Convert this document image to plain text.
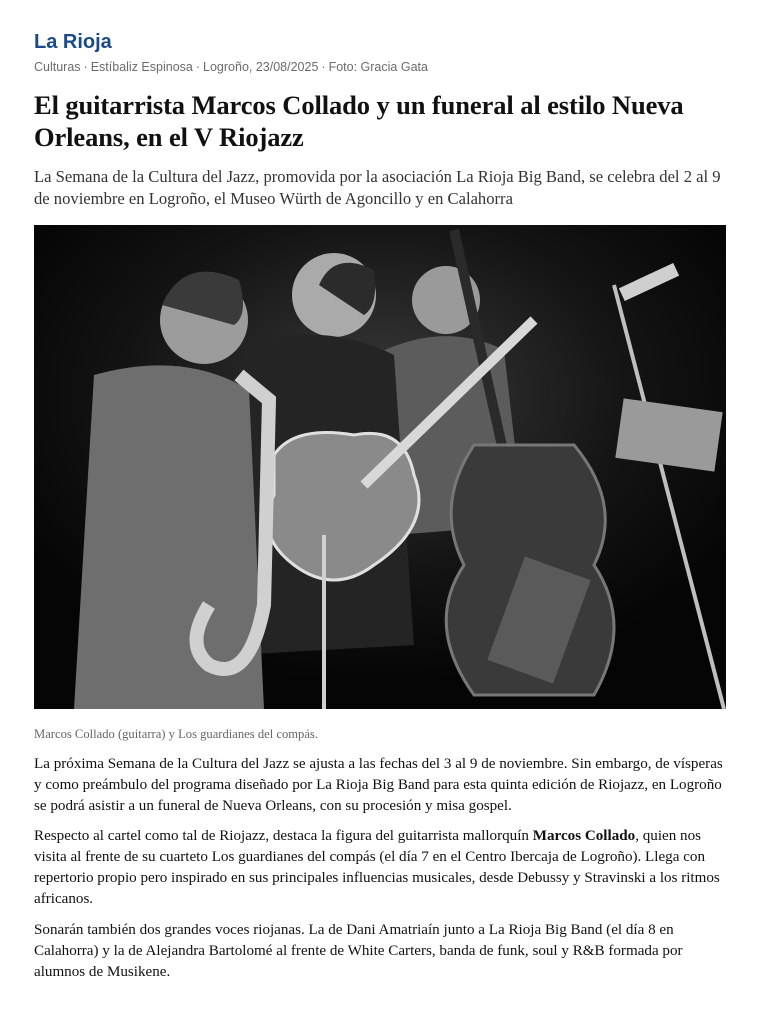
La Rioja
Culturas · Estíbaliz Espinosa · Logroño, 23/08/2025 · Foto: Gracia Gata
El guitarrista Marcos Collado y un funeral al estilo Nueva Orleans, en el V Riojazz

La Semana de la Cultura del Jazz, promovida por la asociación La Rioja Big Band, se celebra del 2 al 9 de noviembre en Logroño, el Museo Würth de Agoncillo y en Calahorra

Marcos Collado (guitarra) y Los guardianes del compás.

La próxima Semana de la Cultura del Jazz se ajusta a las fechas del 3 al 9 de noviembre. Sin embargo, de vísperas y como preámbulo del programa diseñado por La Rioja Big Band para esta quinta edición de Riojazz, en Logroño se podrá asistir a un funeral de Nueva Orleans, con su procesión y misa gospel.

Respecto al cartel como tal de Riojazz, destaca la figura del guitarrista mallorquín Marcos Collado, quien nos visita al frente de su cuarteto Los guardianes del compás (el día 7 en el Centro Ibercaja de Logroño). Llega con repertorio propio pero inspirado en sus principales influencias musicales, desde Debussy y Stravinski a los ritmos africanos.

Sonarán también dos grandes voces riojanas. La de Dani Amatriaín junto a La Rioja Big Band (el día 8 en Calahorra) y la de Alejandra Bartolomé al frente de White Carters, banda de funk, soul y R&B formada por alumnos de Musikene.
